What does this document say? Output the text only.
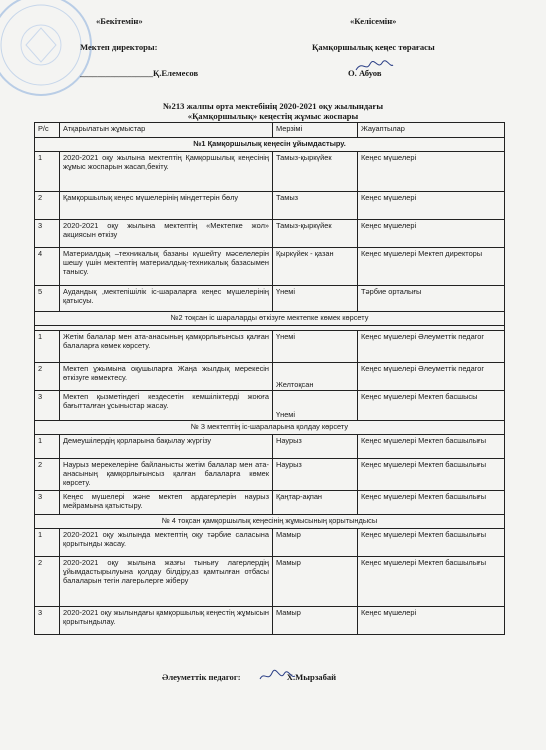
«Бекітемін»
Мектеп директоры:
_________________Қ.Елемесов
«Келісемін»
Қамқоршылық кеңес төрағасы
О. Абуов
№213 жалпы орта мектебінің 2020-2021 оқу жылындағы
«Қамқоршылық» кеңестің жұмыс жоспары
Р/с	Атқарылатын жұмыстар	Мерзімі	Жауаптылар
№1 Қамқоршылық кеңесін ұйымдастыру.			
1	2020-2021 оқу жылына мектептің Қамқоршылық кеңесінің жұмыс жоспарын жасап,бекіту.	Тамыз-қыркүйек	Кеңес мүшелері
2	Қамқоршылық кеңес мүшелерінің міндеттерін бөлу	Тамыз	Кеңес мүшелері
3	2020-2021 оқу жылына мектептің «Мектепке жол» акциясын өткізу	Тамыз-қыркүйек	Кеңес мүшелері
4	Материалдық –техникалық базаны күшейту мәселелерін шешу үшін мектептің материалдық-техникалық базасымен танысу.	Қыркүйек - қазан	Кеңес мүшелері Мектеп директоры
5	Аудандық ,мектепішілік іс-шараларға кеңес мүшелерінің қатысуы.	Үнемі	Тәрбие орталығы
№2 тоқсан іс шараларды өткізуге мектепке көмек көрсету			

1	Жетім балалар мен ата-анасының қамқорлығынсыз қалған балаларға көмек көрсету.	Үнемі	Кеңес мүшелері Әлеуметтік педагог
2	Мектеп ұжымына оқушыларға Жаңа жылдық мерекесін өткізуге көмектесу.	Желтоқсан	Кеңес мүшелері Әлеуметтік педагог
3	Мектеп қызметіндегі кездесетін кемшіліктерді жоюға бағытталған ұсыныстар жасау.	Үнемі	Кеңес мүшелері Мектеп басшысы
№ 3 мектептің іс-шараларына қолдау көрсету			
1	Демеушілердің қорларына бақылау жүргізу	Наурыз	Кеңес мүшелері Мектеп басшылығы
2	Наурыз мерекелеріне байланысты жетім балалар мен ата-анасының қамқорлығынсыз қалған балаларға көмек көрсету.	Наурыз	Кеңес мүшелері Мектеп басшылығы
3	Кеңес мүшелері және мектеп ардагерлерін наурыз мейрамына қатыстыру.	Қаңтар-ақпан	Кеңес мүшелері Мектеп басшылығы
№ 4 тоқсан қамқоршылық кеңесінің жұмысының қорытындысы			
1	2020-2021 оқу жылында мектептің оқу тәрбие саласына қорытынды жасау.	Мамыр	Кеңес мүшелері Мектеп басшылығы
2	2020-2021 оқу жылына жазғы тынығу лагерлердің ұйымдастырылуына қолдау білдіру,аз қамтылған отбасы балаларын тегін лагерьлерге жіберу	Мамыр	Кеңес мүшелері Мектеп басшылығы
3	2020-2021 оқу жылындағы қамқоршылық кеңестің жұмысын қорытындылау.	Мамыр	Кеңес мүшелері
Әлеуметтік педагог:	Х.Мырзабай
